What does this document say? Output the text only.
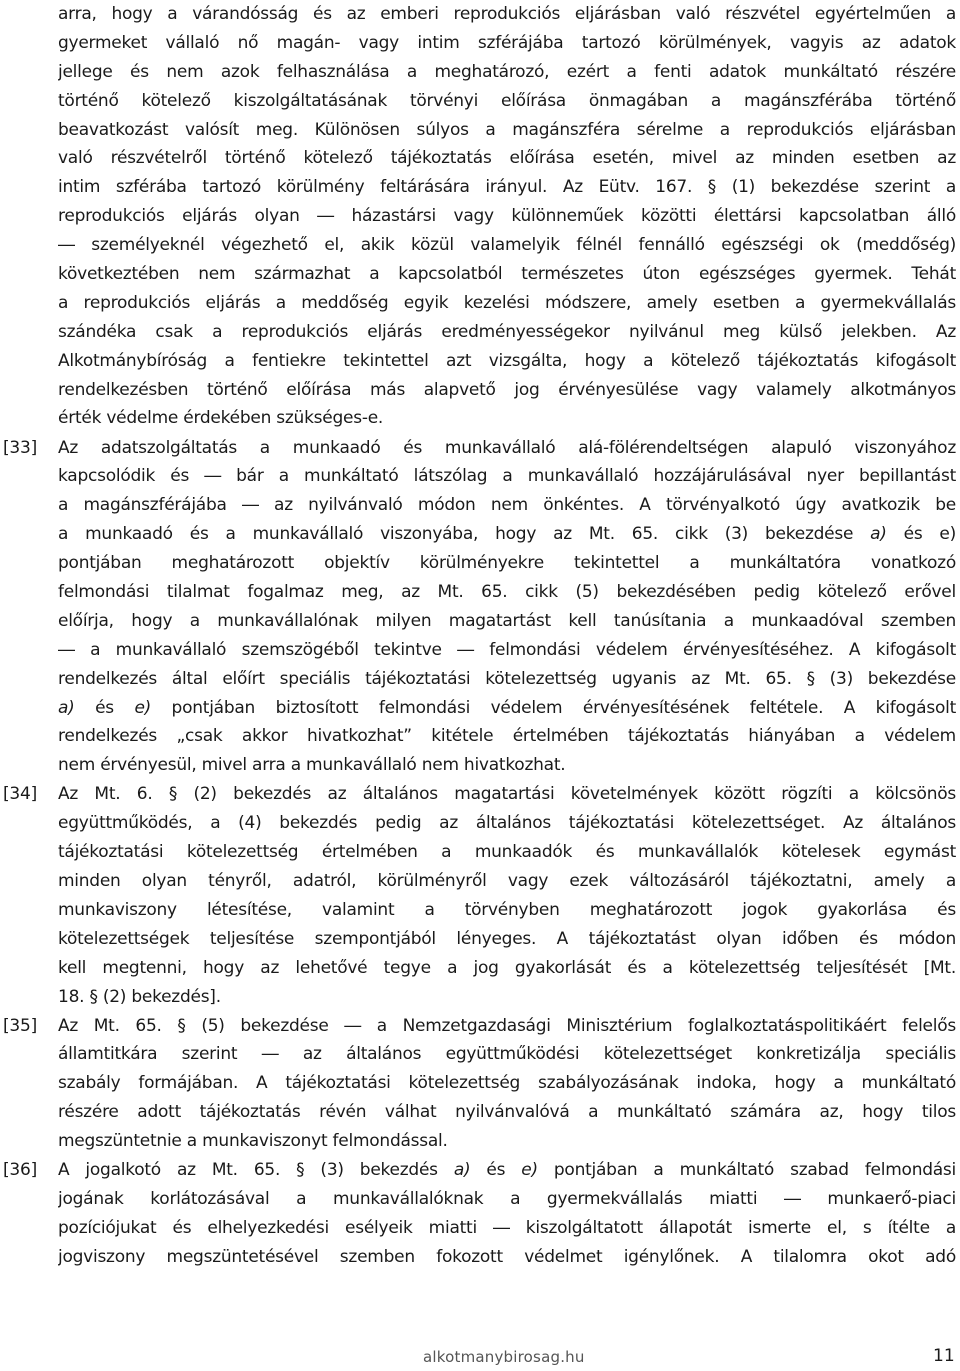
arra, hogy a várandósság és az emberi reprodukciós eljárásban való részvétel egyértelműen a
gyermeket vállaló nő magán- vagy intim szférájába tartozó körülmények, vagyis az adatok
jellege és nem azok felhasználása a meghatározó, ezért a fenti adatok munkáltató részére
történő kötelező kiszolgáltatásának törvényi előírása önmagában a magánszférába történő
beavatkozást valósít meg. Különösen súlyos a magánszféra sérelme a reprodukciós eljárásban
való részvételről történő kötelező tájékoztatás előírása esetén, mivel az minden esetben az
intim szférába tartozó körülmény feltárására irányul. Az Eütv. 167. § (1) bekezdése szerint a
reprodukciós eljárás olyan ― házastársi vagy különneműek közötti élettársi kapcsolatban álló
― személyeknél végezhető el, akik közül valamelyik félnél fennálló egészségi ok (meddőség)
következtében nem származhat a kapcsolatból természetes úton egészséges gyermek. Tehát
a reprodukciós eljárás a meddőség egyik kezelési módszere, amely esetben a gyermekvállalás
szándéka csak a reprodukciós eljárás eredményességekor nyilvánul meg külső jelekben. Az
Alkotmánybíróság a fentiekre tekintettel azt vizsgálta, hogy a kötelező tájékoztatás kifogásolt
rendelkezésben történő előírása más alapvető jog érvényesülése vagy valamely alkotmányos
érték védelme érdekében szükséges-e.
[33] Az adatszolgáltatás a munkaadó és munkavállaló alá-fölérendeltségen alapuló viszonyához
kapcsolódik és ― bár a munkáltató látszólag a munkavállaló hozzájárulásával nyer bepillantást
a magánszférájába ― az nyilvánvaló módon nem önkéntes. A törvényalkotó úgy avatkozik be
a munkaadó és a munkavállaló viszonyába, hogy az Mt. 65. cikk (3) bekezdése a) és e)
pontjában meghatározott objektív körülményekre tekintettel a munkáltatóra vonatkozó
felmondási tilalmat fogalmaz meg, az Mt. 65. cikk (5) bekezdésében pedig kötelező erővel
előírja, hogy a munkavállalónak milyen magatartást kell tanúsítania a munkaadóval szemben
― a munkavállaló szemszögéből tekintve ― felmondási védelem érvényesítéséhez. A kifogásolt
rendelkezés által előírt speciális tájékoztatási kötelezettség ugyanis az Mt. 65. § (3) bekezdése
a) és e) pontjában biztosított felmondási védelem érvényesítésének feltétele. A kifogásolt
rendelkezés „csak akkor hivatkozhat” kitétele értelmében tájékoztatás hiányában a védelem
nem érvényesül, mivel arra a munkavállaló nem hivatkozhat.
[34] Az Mt. 6. § (2) bekezdés az általános magatartási követelmények között rögzíti a kölcsönös
együttműködés, a (4) bekezdés pedig az általános tájékoztatási kötelezettséget. Az általános
tájékoztatási kötelezettség értelmében a munkaadók és munkavállalók kötelesek egymást
minden olyan tényről, adatról, körülményről vagy ezek változásáról tájékoztatni, amely a
munkaviszony létesítése, valamint a törvényben meghatározott jogok gyakorlása és
kötelezettségek teljesítése szempontjából lényeges. A tájékoztatást olyan időben és módon
kell megtenni, hogy az lehetővé tegye a jog gyakorlását és a kötelezettség teljesítését [Mt.
18. § (2) bekezdés].
[35] Az Mt. 65. § (5) bekezdése ― a Nemzetgazdasági Minisztérium foglalkoztatáspolitikáért felelős
államtitkára szerint ― az általános együttműködési kötelezettséget konkretizálja speciális
szabály formájában. A tájékoztatási kötelezettség szabályozásának indoka, hogy a munkáltató
részére adott tájékoztatás révén válhat nyilvánvalóvá a munkáltató számára az, hogy tilos
megszüntetnie a munkaviszonyt felmondással.
[36] A jogalkotó az Mt. 65. § (3) bekezdés a) és e) pontjában a munkáltató szabad felmondási
jogának korlátozásával a munkavállalóknak a gyermekvállalás miatti ― munkaerő-piaci
pozíciójukat és elhelyezkedési esélyeik miatti ― kiszolgáltatott állapotát ismerte el, s ítélte a
jogviszony megszüntetésével szemben fokozott védelmet igénylőnek. A tilalomra okot adó
alkotmanybirosag.hu	11
